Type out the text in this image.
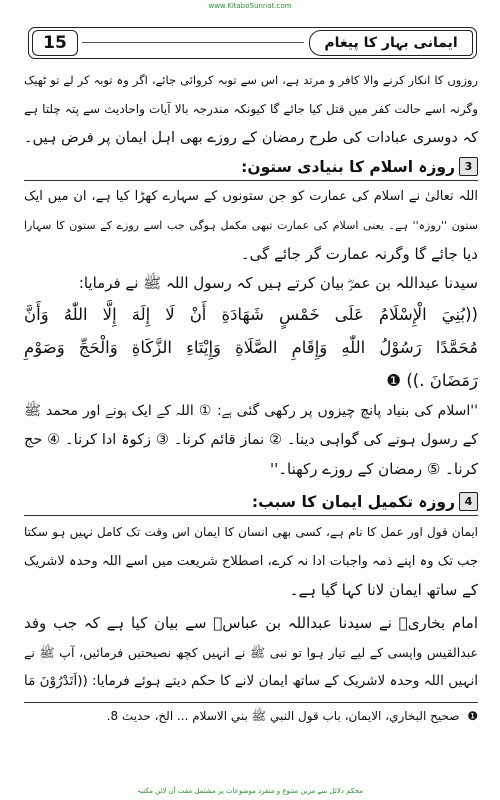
www.KitaboSunnat.com
15	ایمانی بہار کا پیغام
روزوں کا انکار کرنے والا کافر و مرتد ہے، اس سے توبہ کروائی جائے، اگر وہ توبہ کر لے تو ٹھیک
وگرنہ اسے حالت کفر میں قتل کیا جائے گا کیونکہ مندرجہ بالا آیات واحادیث سے پتہ چلتا ہے
کہ دوسری عبادات کی طرح رمضان کے روزے بھی اہل ایمان پر فرض ہیں۔
3
روزہ اسلام کا بنیادی ستون:
اللہ تعالیٰ نے اسلام کی عمارت کو جن ستونوں کے سہارے کھڑا کیا ہے، ان میں ایک
ستون ''روزہ'' ہے۔ یعنی اسلام کی عمارت تبھی مکمل ہوگی جب اسے روزے کے ستون کا سہارا
دیا جائے گا وگرنہ عمارت گر جائے گی۔
سیدنا عبداللہ بن عمرؓ بیان کرتے ہیں کہ رسول اللہ ﷺ نے فرمایا:
((بُنِيَ الْإِسْلَامُ عَلَى خَمْسٍ شَهَادَةِ أَنْ لَا إِلَهَ إِلَّا اللّٰهُ وَأَنَّ
مُحَمَّدًا رَسُوْلُ اللّٰهِ وَإِقَامِ الصَّلَاةِ وَإِيْتَاءِ الزَّكَاةِ وَالْحَجِّ وَصَوْمِ
رَمَضَانَ .)) ❶
''اسلام کی بنیاد پانچ چیزوں پر رکھی گئی ہے: ① اللہ کے ایک ہونے اور محمد ﷺ
کے رسول ہونے کی گواہی دینا۔ ② نماز قائم کرنا۔ ③ زکوۃ ادا کرنا۔ ④ حج
کرنا۔ ⑤ رمضان کے روزے رکھنا۔''
4
روزہ تکمیل ایمان کا سبب:
ایمان قول اور عمل کا نام ہے، کسی بھی انسان کا ایمان اس وقت تک کامل نہیں ہو سکتا
جب تک وہ اپنے ذمہ واجبات ادا نہ کرے، اصطلاح شریعت میں اسے اللہ وحدہ لاشریک
کے ساتھ ایمان لانا کہا گیا ہے۔
امام بخاریؒ نے سیدنا عبداللہ بن عباسؓ سے بیان کیا ہے کہ جب وفد
عبدالقیس واپسی کے لیے تیار ہوا تو نبی ﷺ نے انہیں کچھ نصیحتیں فرمائیں، آپ ﷺ نے
انہیں اللہ وحدہ لاشریک کے ساتھ ایمان لانے کا حکم دیتے ہوئے فرمایا: ((اَتَدْرُوْنَ مَا
❶ صحيح البخاري، الايمان، باب قول النبي ﷺ بني الاسلام ... الخ، حديث 8.
محکم دلائل سے مزین متنوع و منفرد موضوعات پر مشتمل مفت آن لائن مکتبہ
